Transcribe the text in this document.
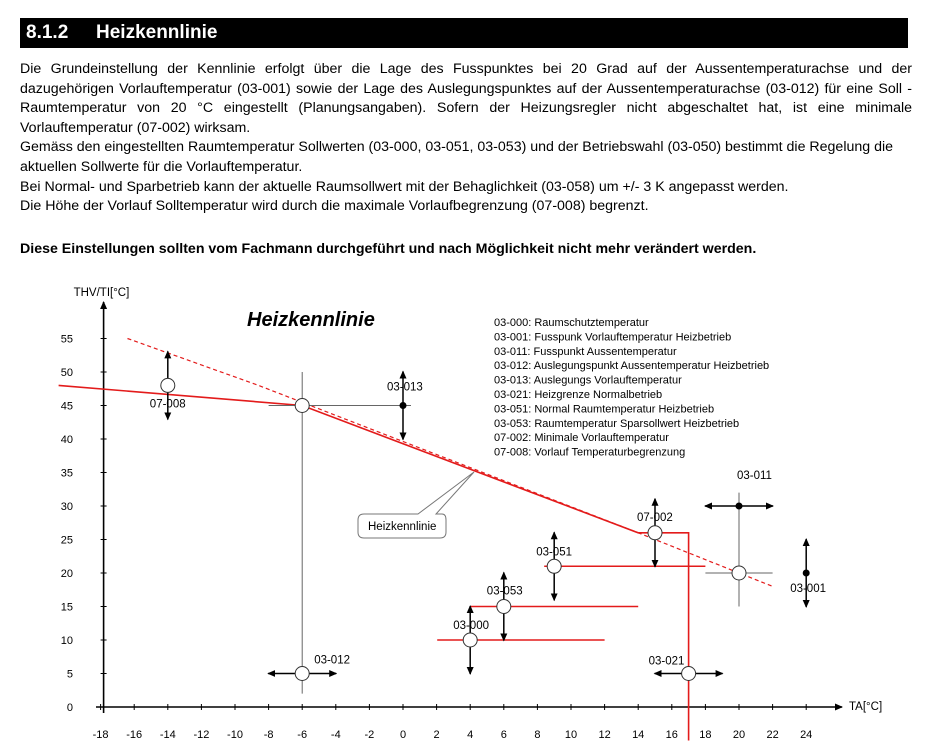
8.1.2 Heizkennlinie

Die Grundeinstellung der Kennlinie erfolgt über die Lage des Fusspunktes bei 20 Grad auf der Aussentemperaturachse und der dazugehörigen Vorlauftemperatur (03-001) sowie der Lage des Auslegungspunktes auf der Aussentemperaturachse (03-012) für eine Soll - Raumtemperatur von 20 °C eingestellt (Planungsangaben). Sofern der Heizungsregler nicht abgeschaltet hat, ist eine minimale Vorlauftemperatur (07-002) wirksam.

Gemäss den eingestellten Raumtemperatur Sollwerten (03-000, 03-051, 03-053) und der Betriebswahl (03-050) bestimmt die Regelung die aktuellen Sollwerte für die Vorlauftemperatur.

Bei Normal- und Sparbetrieb kann der aktuelle Raumsollwert mit der Behaglichkeit (03-058) um +/- 3 K angepasst werden.

Die Höhe der Vorlauf Solltemperatur wird durch die maximale Vorlaufbegrenzung (07-008) begrenzt.

Diese Einstellungen sollten vom Fachmann durchgeführt und nach Möglichkeit nicht mehr verändert werden.
THV/TI[°C]
TA[°C]
-18 -16 -14 -12 -10 -8 -6 -4 -2 0 2 4 6 8 10 12 14 16 18 20 22 24
0
5
10
15
20
25
30
35
40
45
50
55
07-008
03-013
07-002
03-011
03-001
03-051
03-053
03-000
03-012	03-021
Heizkennlinie	03-000: Raumschutztemperatur
03-001: Fusspunk Vorlauftemperatur Heizbetrieb
03-011: Fusspunkt Aussentemperatur
03-012: Auslegungspunkt Aussentemperatur Heizbetrieb
03-013: Auslegungs Vorlauftemperatur
03-021: Heizgrenze Normalbetrieb
03-051: Normal Raumtemperatur Heizbetrieb
03-053: Raumtemperatur Sparsollwert Heizbetrieb
07-002: Minimale Vorlauftemperatur
07-008: Vorlauf Temperaturbegrenzung
Heizkennlinie
